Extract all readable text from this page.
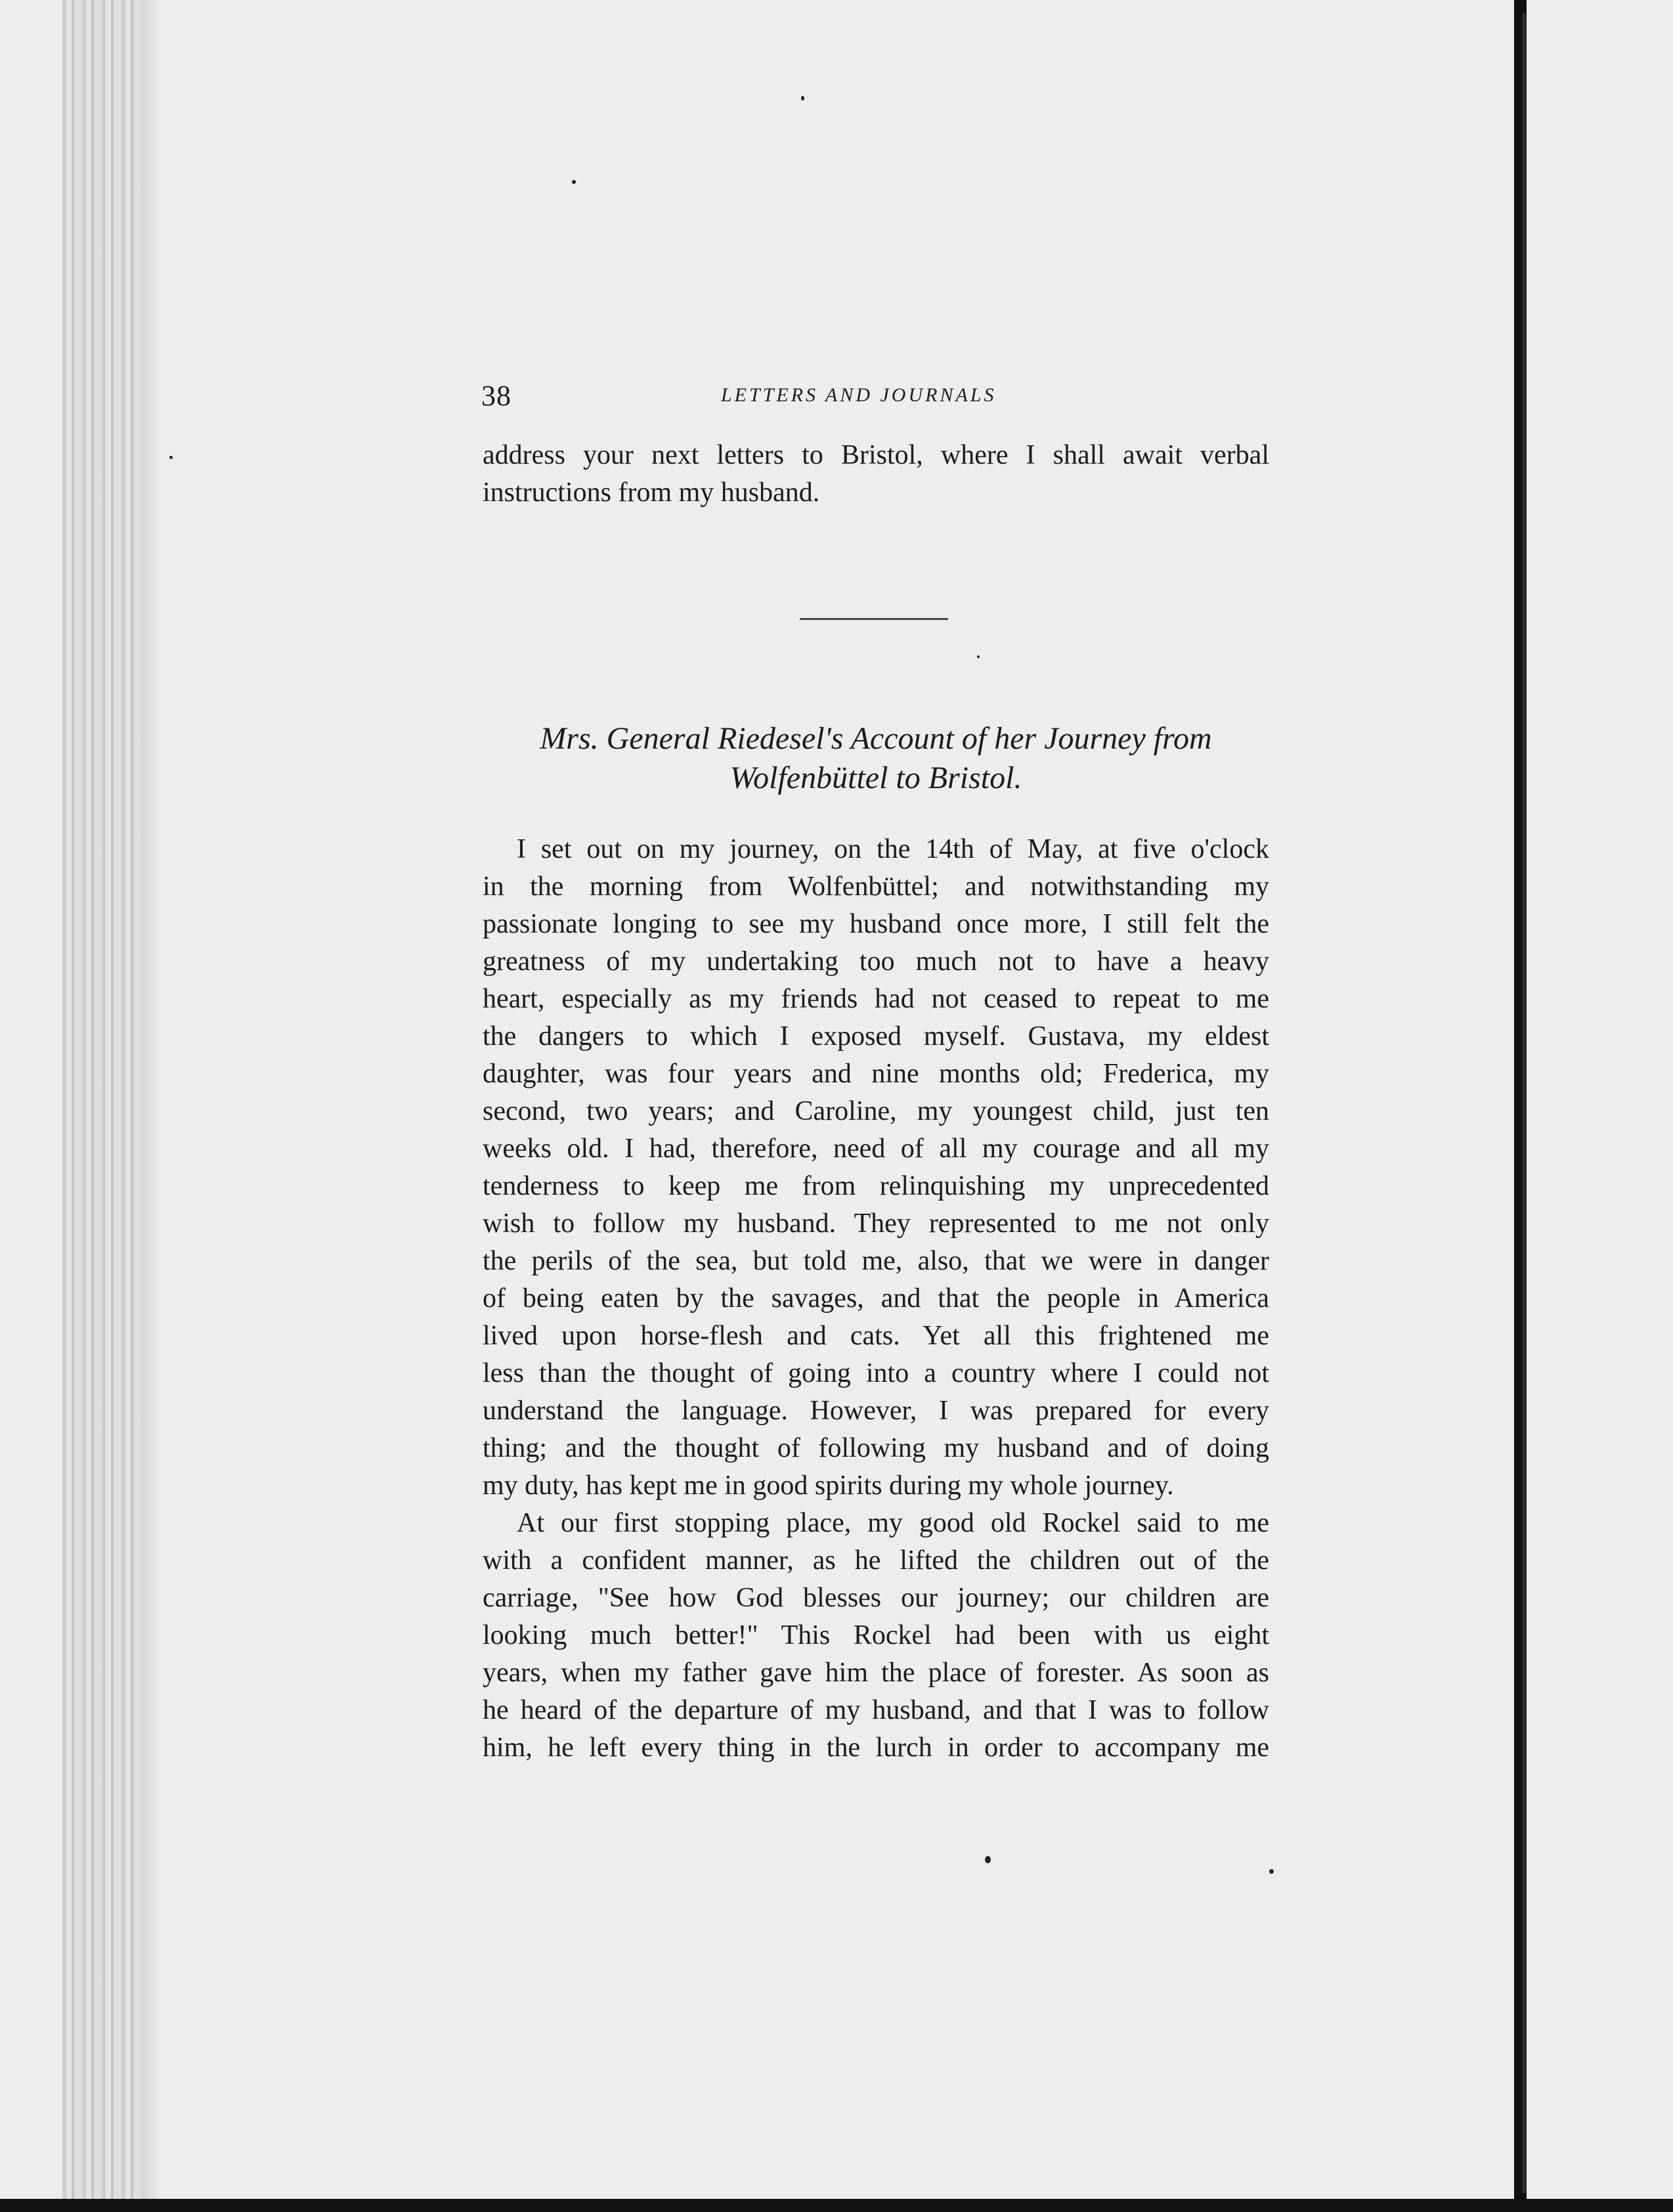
38	LETTERS AND JOURNALS
address your next letters to Bristol, where I shall await verbal
instructions from my husband.
Mrs. General Riedesel's Account of her Journey from
Wolfenbüttel to Bristol.
I set out on my journey, on the 14th of May, at five o'clock
in the morning from Wolfenbüttel; and notwithstanding my
passionate longing to see my husband once more, I still felt the
greatness of my undertaking too much not to have a heavy
heart, especially as my friends had not ceased to repeat to me
the dangers to which I exposed myself. Gustava, my eldest
daughter, was four years and nine months old; Frederica, my
second, two years; and Caroline, my youngest child, just ten
weeks old. I had, therefore, need of all my courage and all my
tenderness to keep me from relinquishing my unprecedented
wish to follow my husband. They represented to me not only
the perils of the sea, but told me, also, that we were in danger
of being eaten by the savages, and that the people in America
lived upon horse-flesh and cats. Yet all this frightened me
less than the thought of going into a country where I could not
understand the language. However, I was prepared for every
thing; and the thought of following my husband and of doing
my duty, has kept me in good spirits during my whole journey.
At our first stopping place, my good old Rockel said to me
with a confident manner, as he lifted the children out of the
carriage, "See how God blesses our journey; our children are
looking much better!" This Rockel had been with us eight
years, when my father gave him the place of forester. As soon as
he heard of the departure of my husband, and that I was to follow
him, he left every thing in the lurch in order to accompany me
